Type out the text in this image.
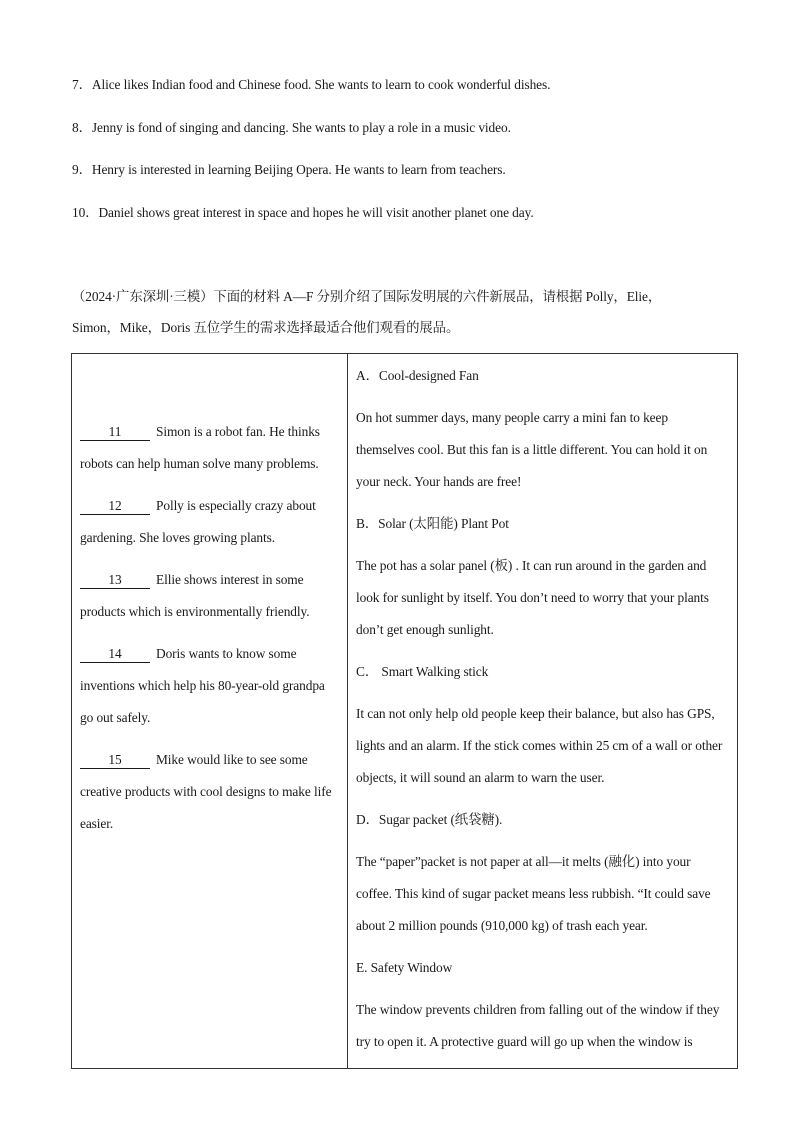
7．Alice likes Indian food and Chinese food. She wants to learn to cook wonderful dishes.
8．Jenny is fond of singing and dancing. She wants to play a role in a music video.
9．Henry is interested in learning Beijing Opera. He wants to learn from teachers.
10．Daniel shows great interest in space and hopes he will visit another planet one day.
（2024·广东深圳·三模）下面的材料 A—F 分别介绍了国际发明展的六件新展品，请根据 Polly，Elie，
Simon，Mike，Doris 五位学生的需求选择最适合他们观看的展品。
11	Simon is a robot fan. He thinks robots can help human solve many problems.
12	Polly is especially crazy about gardening. She loves growing plants.
13	Ellie shows interest in some products which is environmentally friendly.
14	Doris wants to know some inventions which help his 80-year-old grandpa go out safely.
15	Mike would like to see some creative products with cool designs to make life easier.

A．Cool-designed Fan
On hot summer days, many people carry a mini fan to keep themselves cool. But this fan is a little different. You can hold it on your neck. Your hands are free!
B．Solar (太阳能) Plant Pot
The pot has a solar panel (板) . It can run around in the garden and look for sunlight by itself. You don’t need to worry that your plants don’t get enough sunlight.
C． Smart Walking stick
It can not only help old people keep their balance, but also has GPS, lights and an alarm. If the stick comes within 25 cm of a wall or other objects, it will sound an alarm to warn the user.
D．Sugar packet (纸袋糖).
The “paper”packet is not paper at all—it melts (融化) into your coffee. This kind of sugar packet means less rubbish. “It could save about 2 million pounds (910,000 kg) of trash each year.
E. Safety Window
The window prevents children from falling out of the window if they try to open it. A protective guard will go up when the window is
